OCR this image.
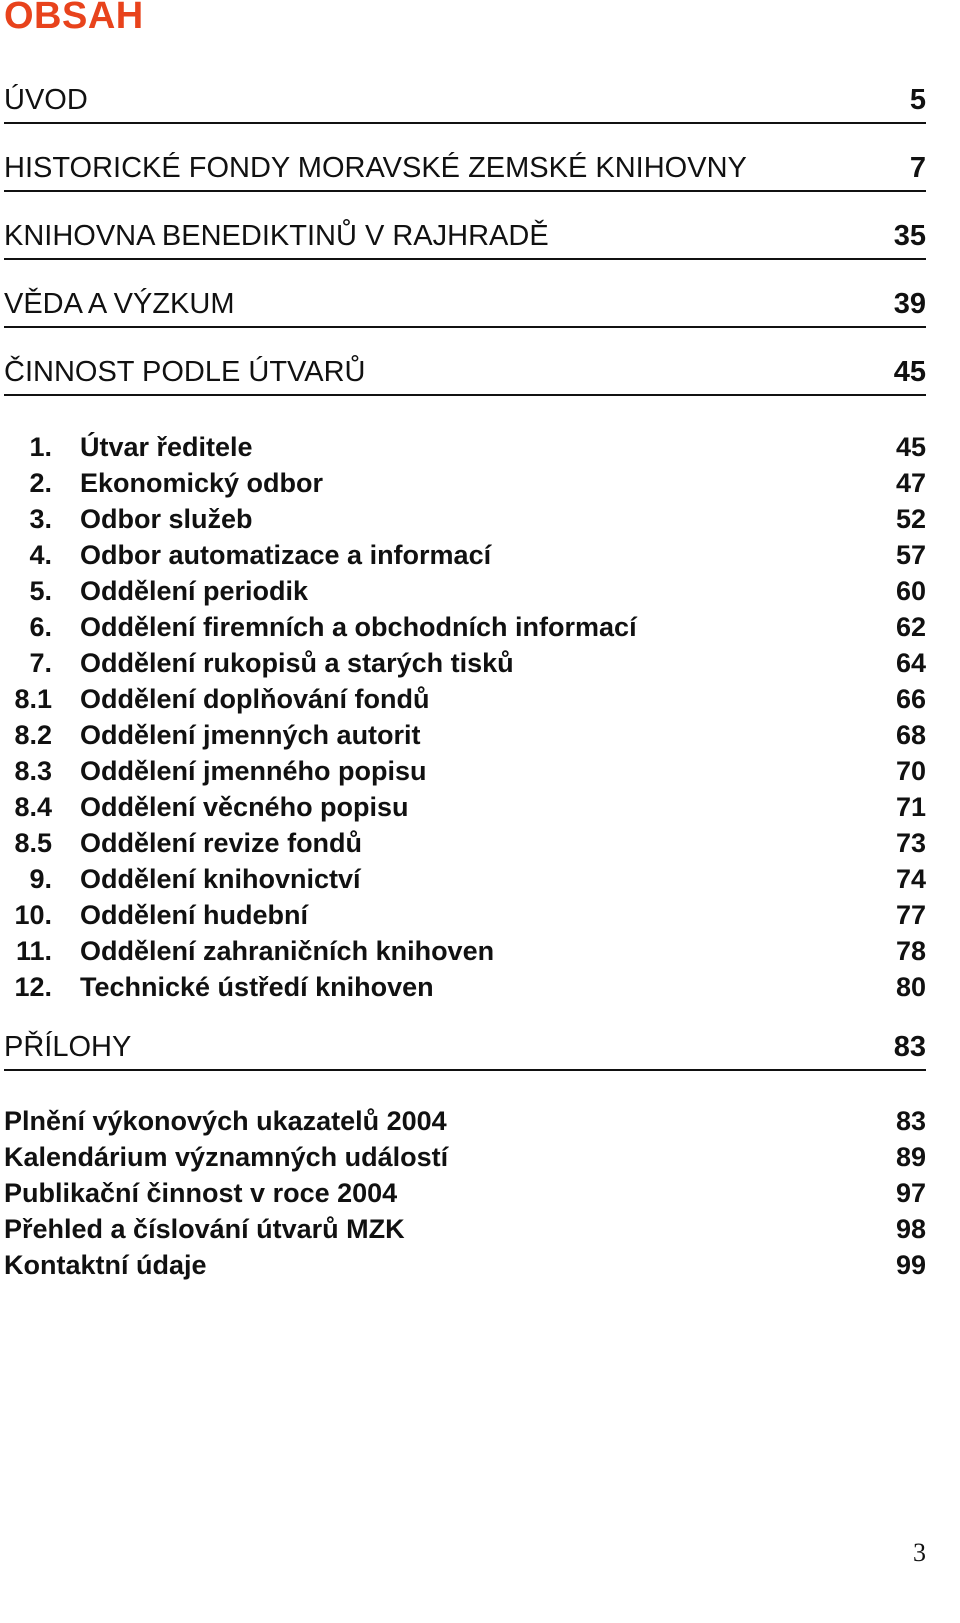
OBSAH
ÚVOD	5
HISTORICKÉ FONDY MORAVSKÉ ZEMSKÉ KNIHOVNY	7
KNIHOVNA BENEDIKTINŮ V RAJHRADĚ	35
VĚDA A VÝZKUM	39
ČINNOST PODLE ÚTVARŮ	45
1. Útvar ředitele	45
2. Ekonomický odbor	47
3. Odbor služeb	52
4. Odbor automatizace a informací	57
5. Oddělení periodik	60
6. Oddělení firemních a obchodních informací	62
7. Oddělení rukopisů a starých tisků	64
8.1 Oddělení doplňování fondů	66
8.2 Oddělení jmenných autorit	68
8.3 Oddělení jmenného popisu	70
8.4 Oddělení věcného popisu	71
8.5 Oddělení revize fondů	73
9. Oddělení knihovnictví	74
10. Oddělení hudební	77
11. Oddělení zahraničních knihoven	78
12. Technické ústředí knihoven	80
PŘÍLOHY	83
Plnění výkonových ukazatelů 2004	83
Kalendárium významných událostí	89
Publikační činnost v roce 2004	97
Přehled a číslování útvarů MZK	98
Kontaktní údaje	99
3
